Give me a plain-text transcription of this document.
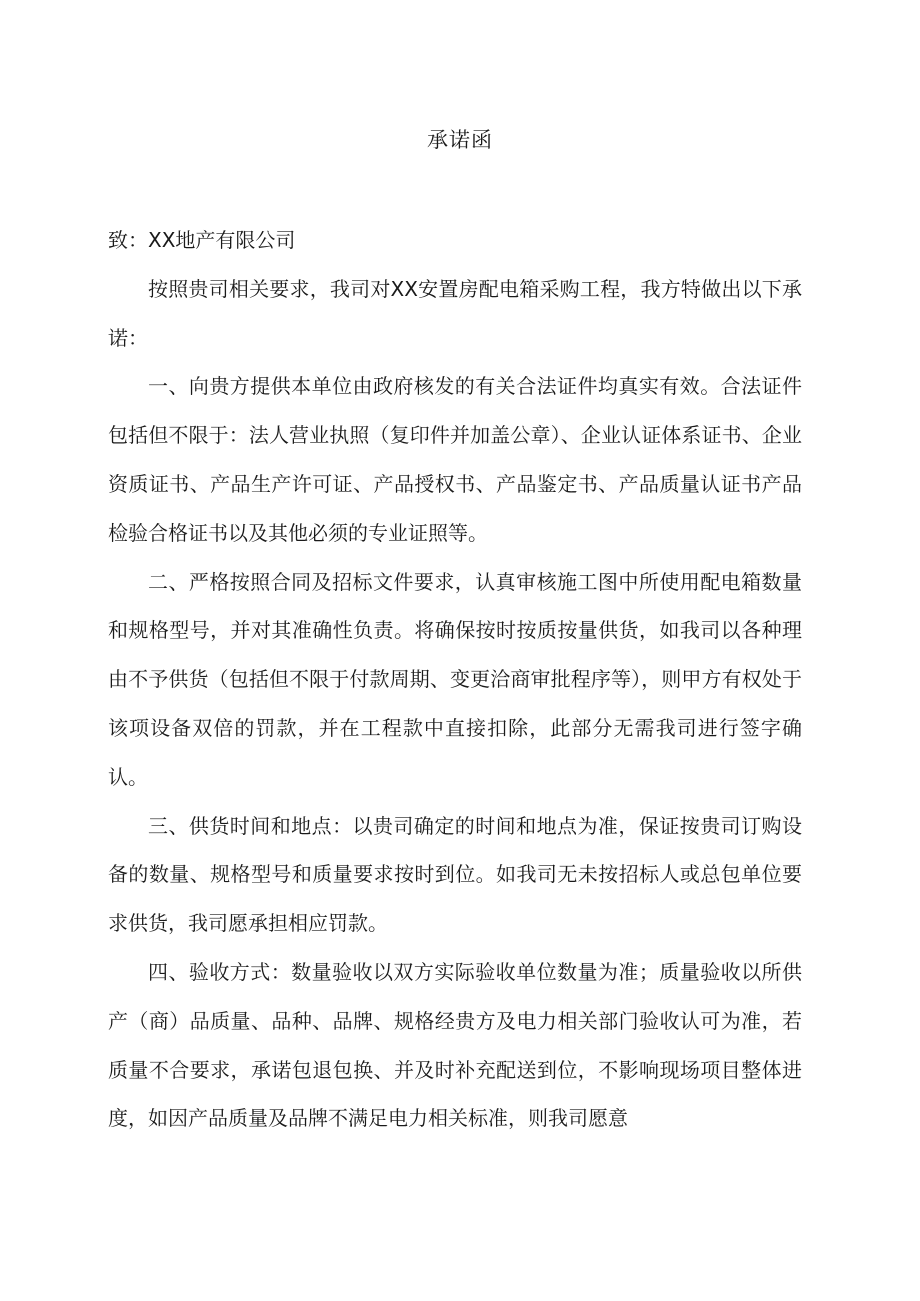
承诺函

致：XX地产有限公司

按照贵司相关要求，我司对XX安置房配电箱采购工程，我方特做出以下承诺：

一、向贵方提供本单位由政府核发的有关合法证件均真实有效。合法证件包括但不限于：法人营业执照（复印件并加盖公章）、企业认证体系证书、企业资质证书、产品生产许可证、产品授权书、产品鉴定书、产品质量认证书产品检验合格证书以及其他必须的专业证照等。

二、严格按照合同及招标文件要求，认真审核施工图中所使用配电箱数量和规格型号，并对其准确性负责。将确保按时按质按量供货，如我司以各种理由不予供货（包括但不限于付款周期、变更洽商审批程序等），则甲方有权处于该项设备双倍的罚款，并在工程款中直接扣除，此部分无需我司进行签字确认。

三、供货时间和地点：以贵司确定的时间和地点为准，保证按贵司订购设备的数量、规格型号和质量要求按时到位。如我司无未按招标人或总包单位要求供货，我司愿承担相应罚款。

四、验收方式：数量验收以双方实际验收单位数量为准；质量验收以所供产（商）品质量、品种、品牌、规格经贵方及电力相关部门验收认可为准，若质量不合要求，承诺包退包换、并及时补充配送到位，不影响现场项目整体进度，如因产品质量及品牌不满足电力相关标准，则我司愿意
